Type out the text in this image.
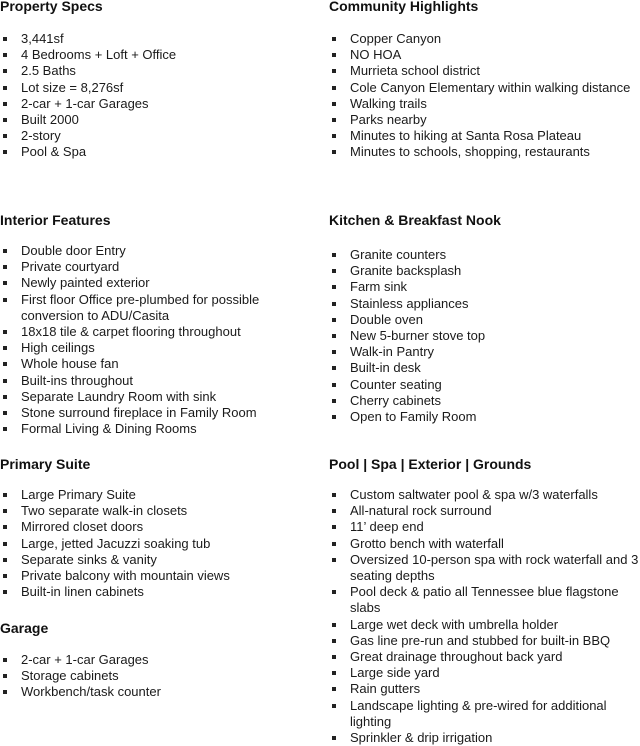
Property Specs
3,441sf
4 Bedrooms + Loft + Office
2.5 Baths
Lot size = 8,276sf
2-car + 1-car Garages
Built 2000
2-story
Pool & Spa
Interior Features
Double door Entry
Private courtyard
Newly painted exterior
First floor Office pre-plumbed for possible conversion to ADU/Casita
18x18 tile & carpet flooring throughout
High ceilings
Whole house fan
Built-ins throughout
Separate Laundry Room with sink
Stone surround fireplace in Family Room
Formal Living & Dining Rooms
Primary Suite
Large Primary Suite
Two separate walk-in closets
Mirrored closet doors
Large, jetted Jacuzzi soaking tub
Separate sinks & vanity
Private balcony with mountain views
Built-in linen cabinets
Garage
2-car + 1-car Garages
Storage cabinets
Workbench/task counter
Community Highlights
Copper Canyon
NO HOA
Murrieta school district
Cole Canyon Elementary within walking distance
Walking trails
Parks nearby
Minutes to hiking at Santa Rosa Plateau
Minutes to schools, shopping, restaurants
Kitchen & Breakfast Nook
Granite counters
Granite backsplash
Farm sink
Stainless appliances
Double oven
New 5-burner stove top
Walk-in Pantry
Built-in desk
Counter seating
Cherry cabinets
Open to Family Room
Pool | Spa | Exterior | Grounds
Custom saltwater pool & spa w/3 waterfalls
All-natural rock surround
11’ deep end
Grotto bench with waterfall
Oversized 10-person spa with rock waterfall and 3 seating depths
Pool deck & patio all Tennessee blue flagstone slabs
Large wet deck with umbrella holder
Gas line pre-run and stubbed for built-in BBQ
Great drainage throughout back yard
Large side yard
Rain gutters
Landscape lighting & pre-wired for additional lighting
Sprinkler & drip irrigation
